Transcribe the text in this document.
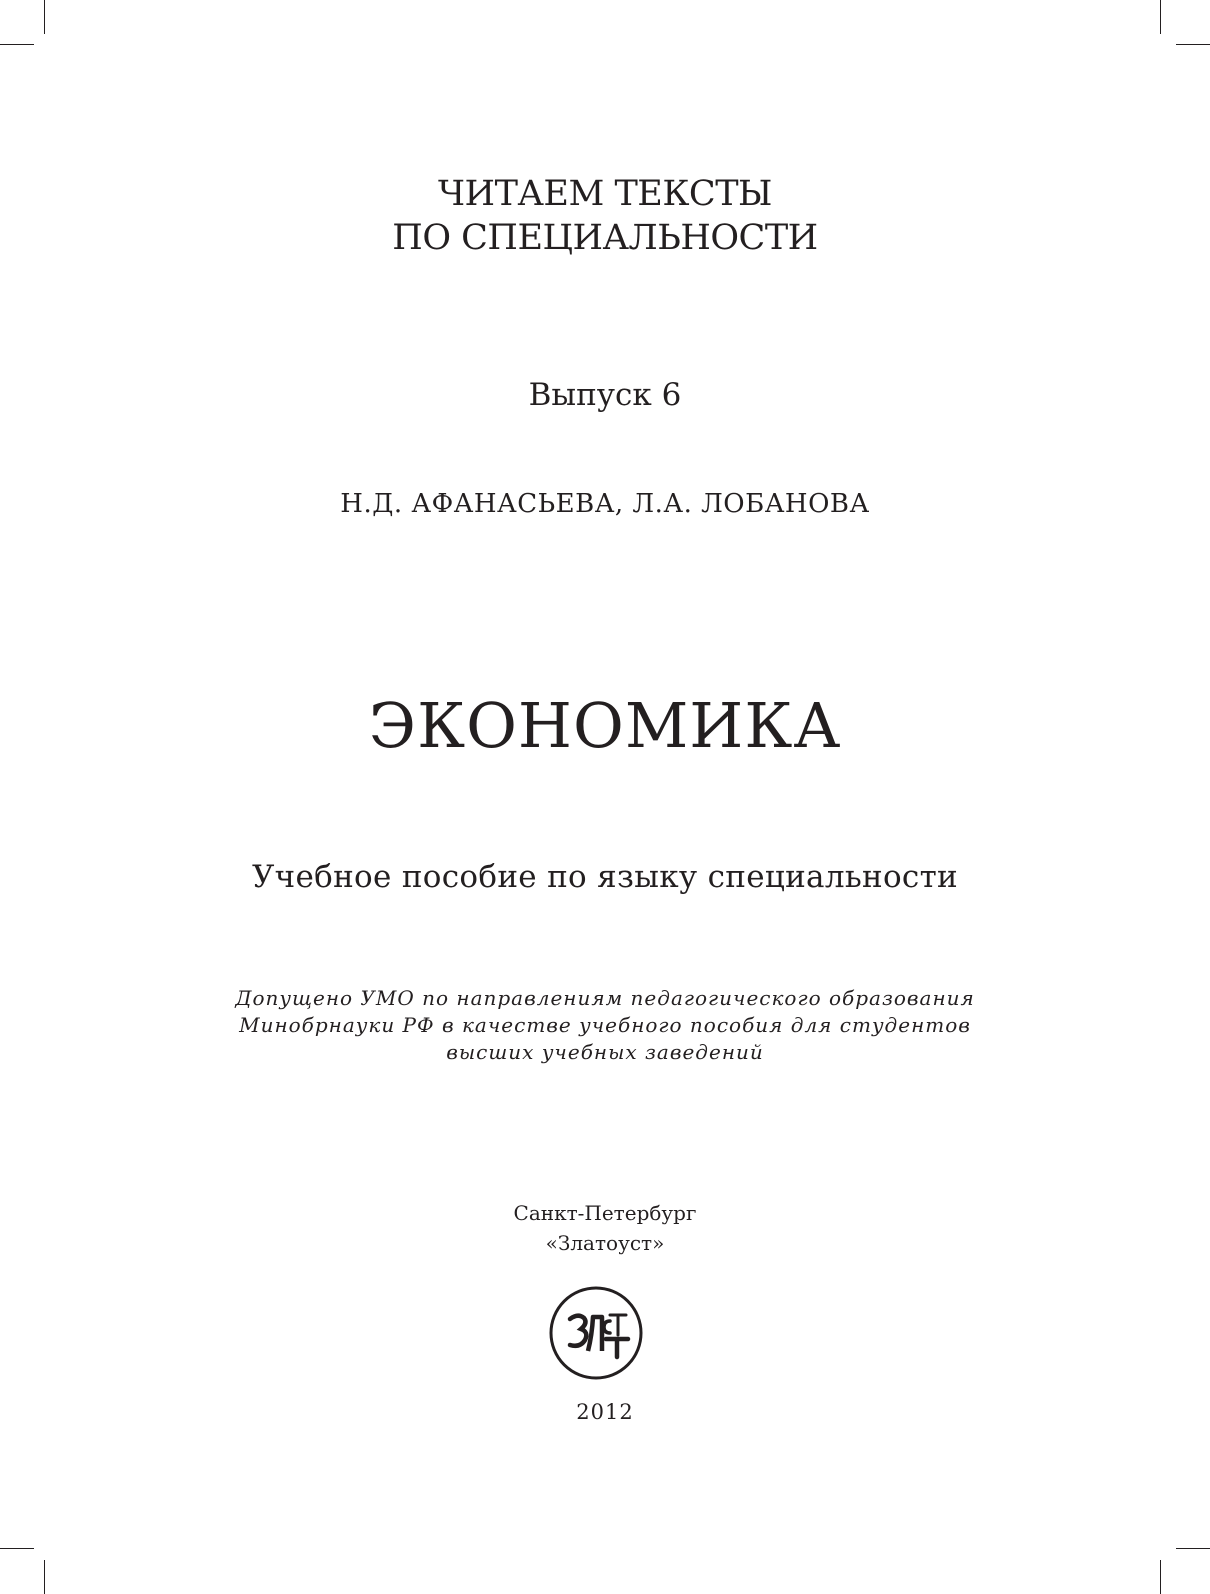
ЧИТАЕМ ТЕКСТЫ
ПО СПЕЦИАЛЬНОСТИ
Выпуск 6
Н.Д. АФАНАСЬЕВА, Л.А. ЛОБАНОВА
ЭКОНОМИКА
Учебное пособие по языку специальности
Допущено УМО по направлениям педагогического образования
Минобрнауки РФ в качестве учебного пособия для студентов
высших учебных заведений
Санкт-Петербург
«Златоуст»
2012
